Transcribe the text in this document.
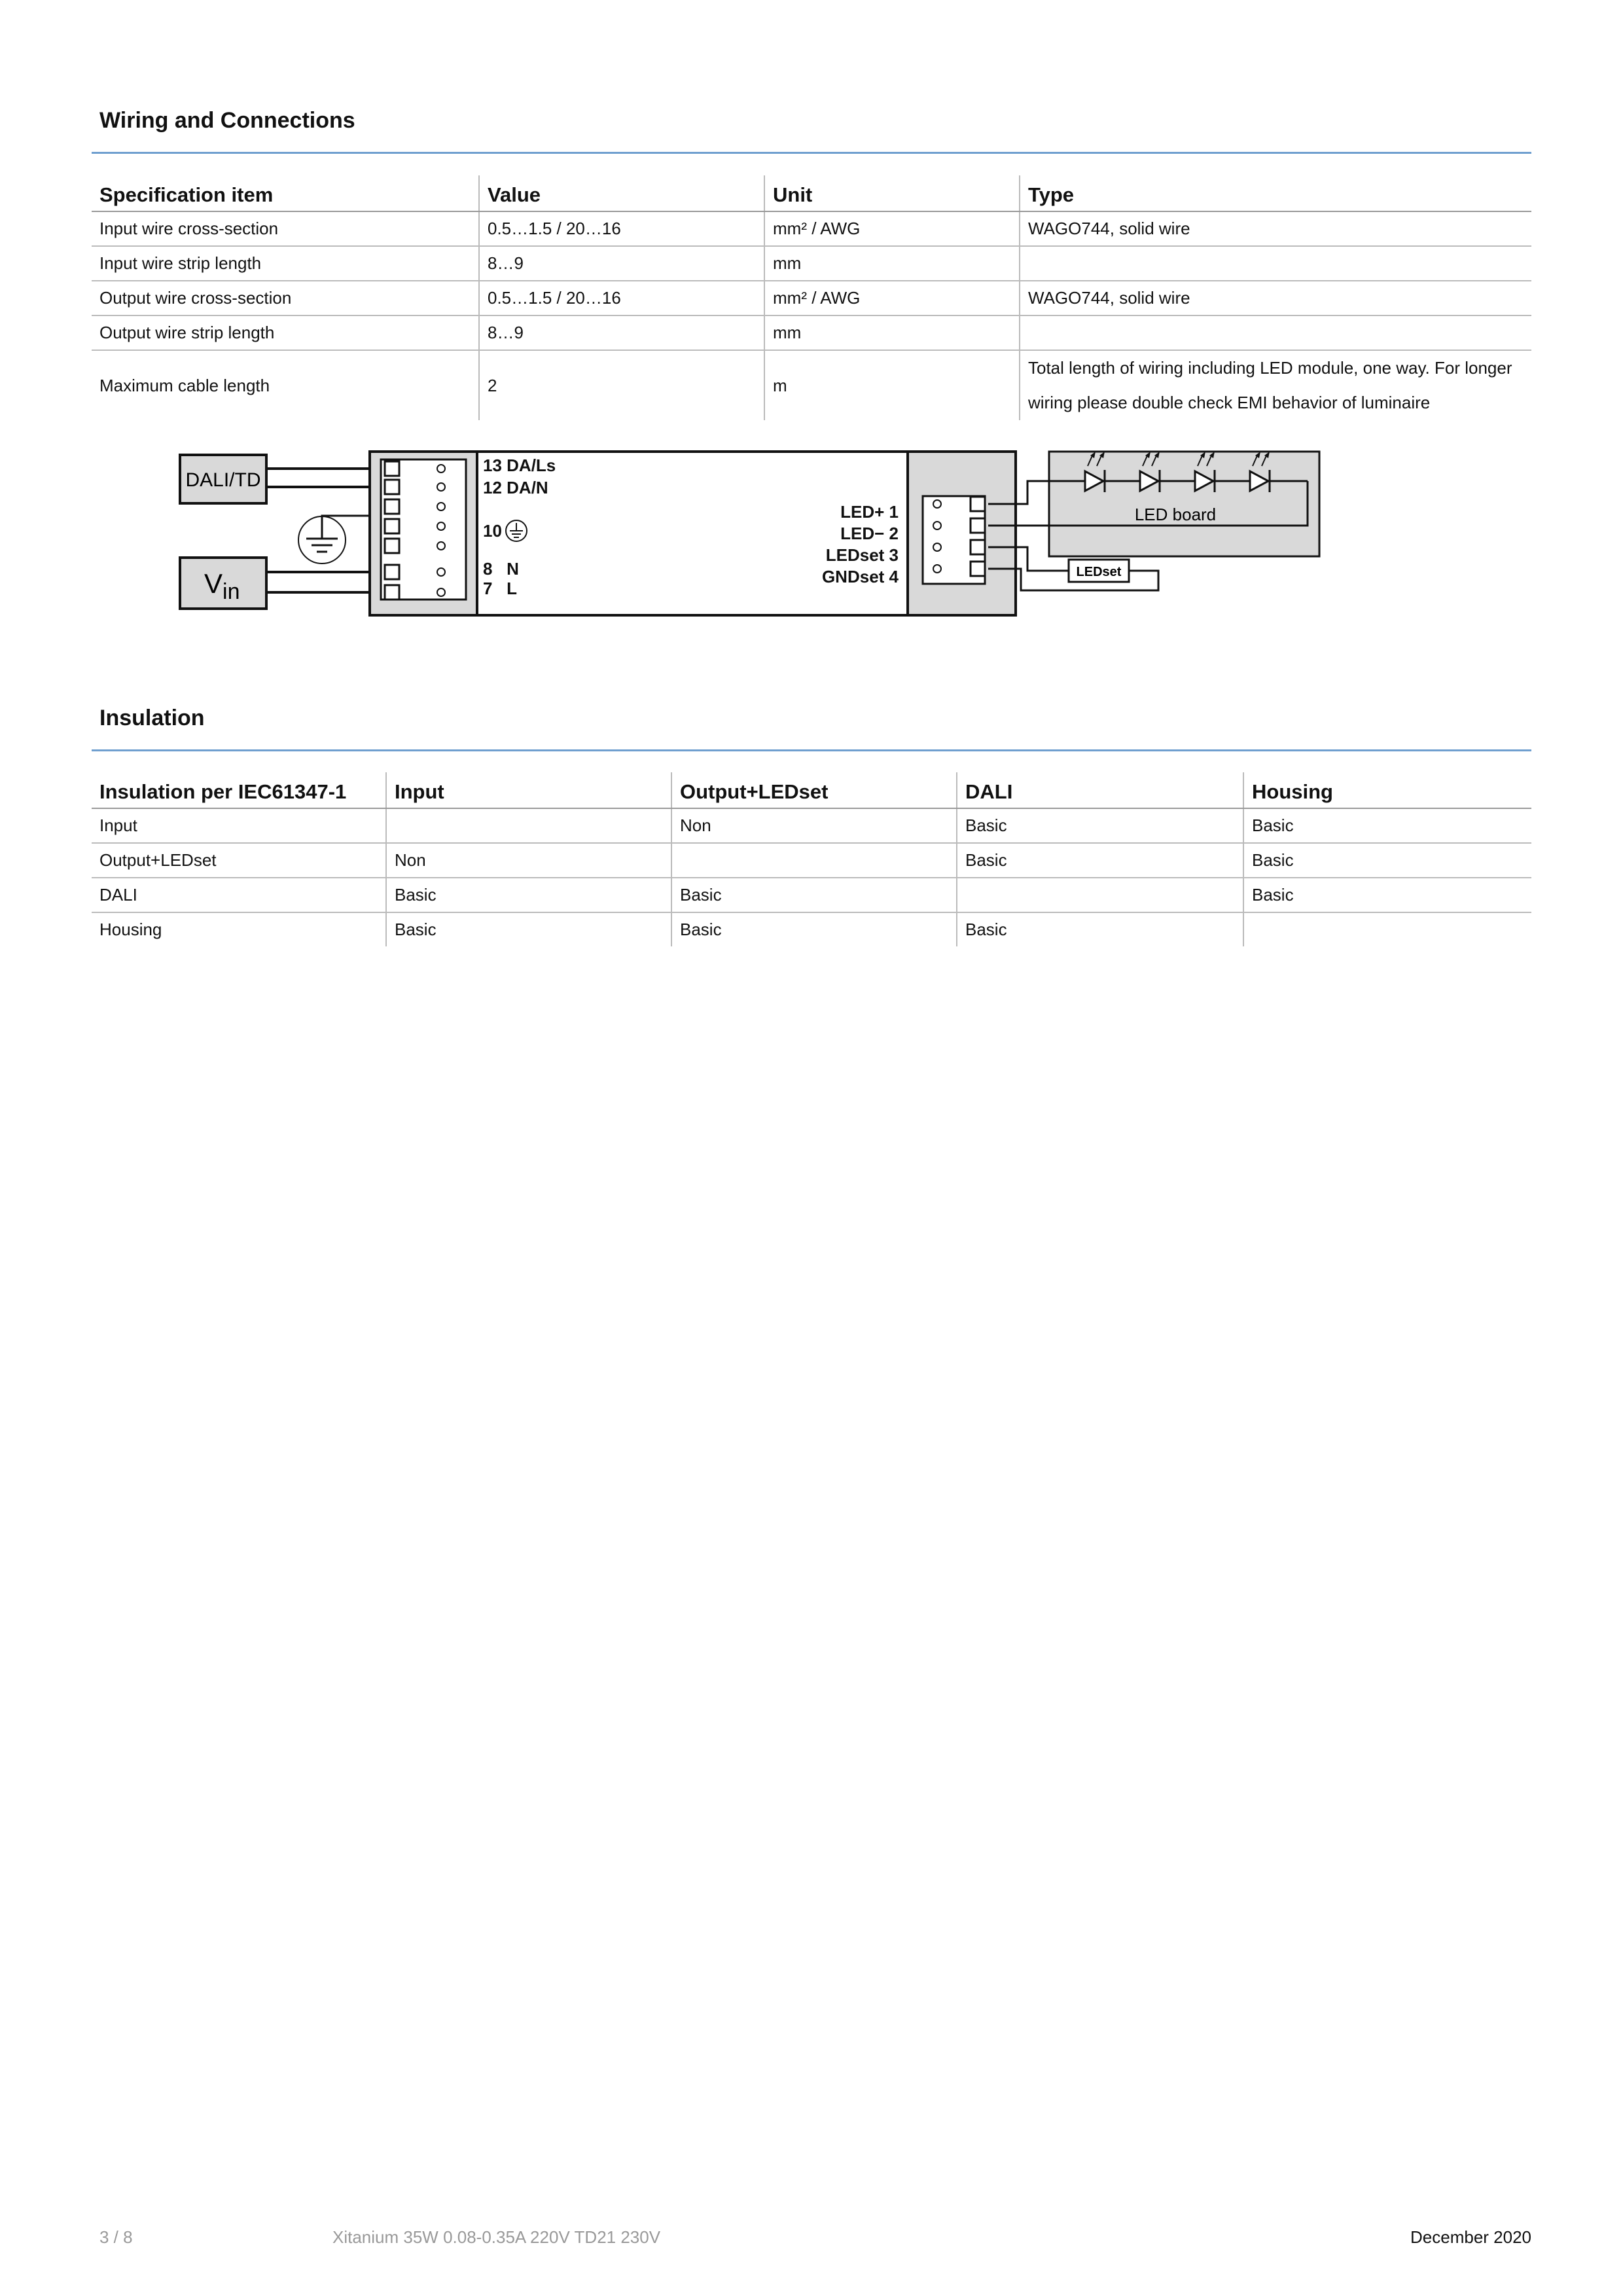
Wiring and Connections
Specification item	Value	Unit	Type
Input wire cross-section	0.5…1.5 / 20…16	mm² / AWG	WAGO744, solid wire
Input wire strip length	8…9	mm	
Output wire cross-section	0.5…1.5 / 20…16	mm² / AWG	WAGO744, solid wire
Output wire strip length	8…9	mm	
Maximum cable length	2	m	Total length of wiring including LED module, one way. For longer wiring please double check EMI behavior of luminaire
DALI/TD
$V_{in}$
13 DA/Ls
12 DA/N
10
8   N
7   L
LED+ 1
LED− 2
LEDset 3
GNDset 4
LED board
LEDset
Insulation
Insulation per IEC61347-1	Input	Output+LEDset	DALI	Housing
Input		Non	Basic	Basic
Output+LEDset	Non		Basic	Basic
DALI	Basic	Basic		Basic
Housing	Basic	Basic	Basic	
3 / 8	Xitanium 35W 0.08-0.35A 220V TD21 230V	December 2020
